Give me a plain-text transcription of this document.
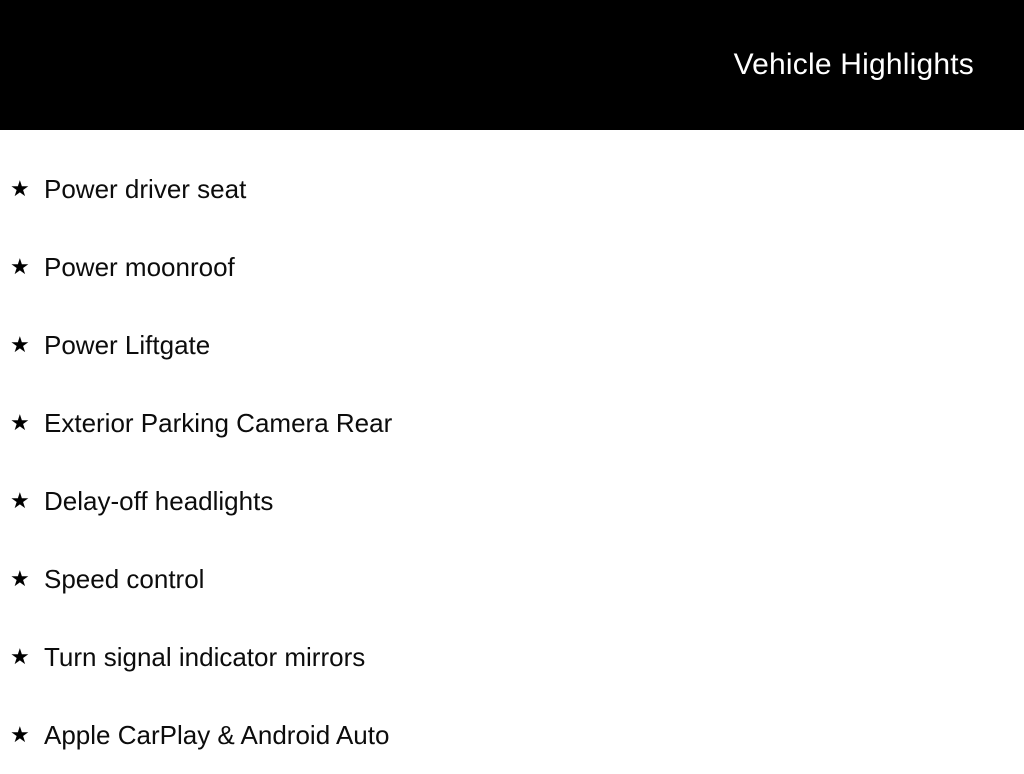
Vehicle Highlights
★ Power driver seat
★ Power moonroof
★ Power Liftgate
★ Exterior Parking Camera Rear
★ Delay-off headlights
★ Speed control
★ Turn signal indicator mirrors
★ Apple CarPlay & Android Auto
